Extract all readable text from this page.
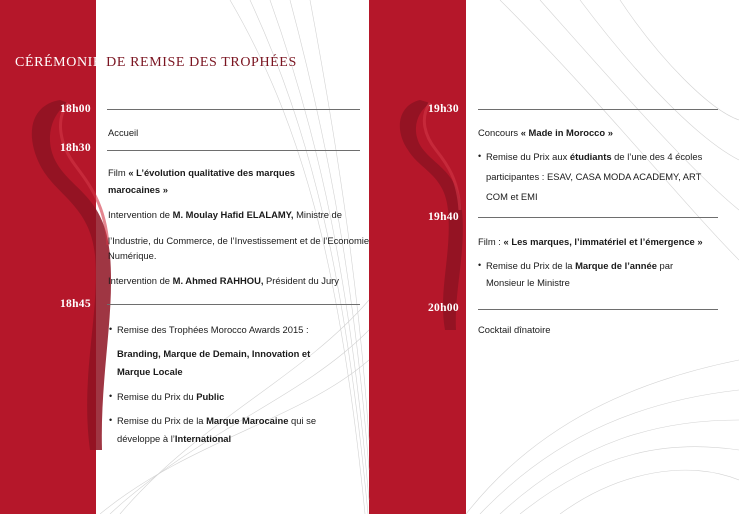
CÉRÉMONIE DE REMISE DES TROPHÉES
18h00
Accueil
18h30
Film « L’évolution qualitative des marques
marocaines »
Intervention de M. Moulay Hafid ELALAMY, Ministre de
l’Industrie, du Commerce, de l’Investissement et de l’Economie
Numérique.
Intervention de M. Ahmed RAHHOU, Président du Jury
18h45
• Remise des Trophées Morocco Awards 2015 :
Branding, Marque de Demain, Innovation et
Marque Locale
• Remise du Prix du Public
• Remise du Prix de la Marque Marocaine qui se
développe à l’International
19h30
Concours « Made in Morocco »
• Remise du Prix aux étudiants de l’une des 4 écoles
participantes : ESAV, CASA MODA ACADEMY, ART
COM et EMI
19h40
Film : « Les marques, l’immatériel et l’émergence »
• Remise du Prix de la Marque de l’année par
Monsieur le Ministre
20h00
Cocktail dînatoire
